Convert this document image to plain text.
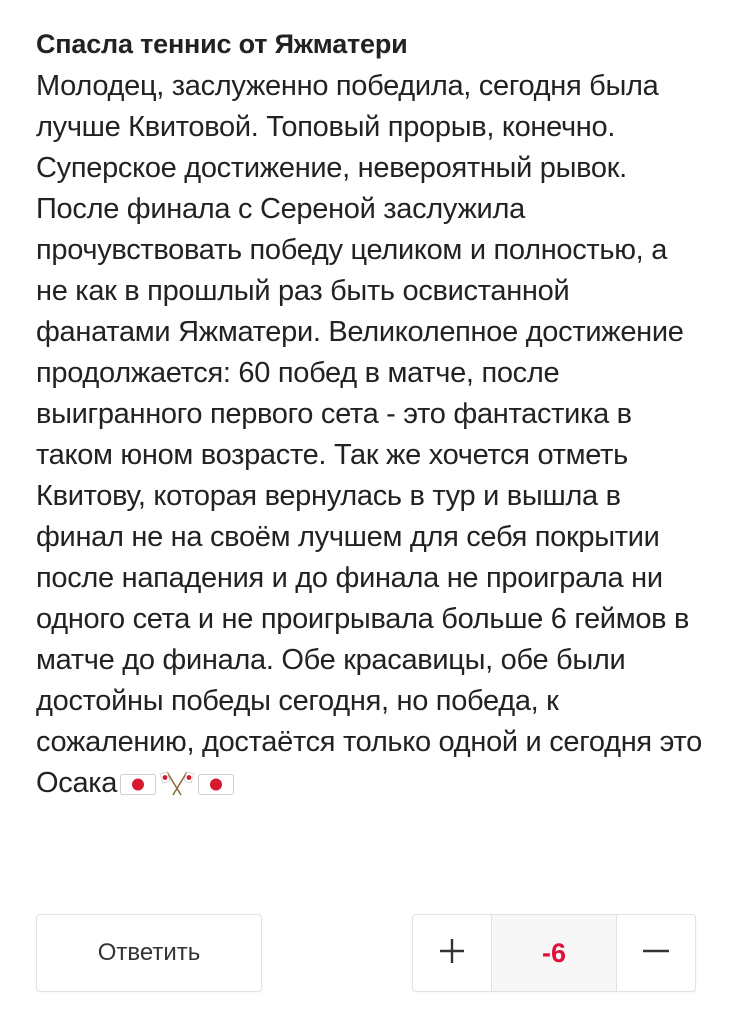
Спасла теннис от Яжматери
Молодец, заслуженно победила, сегодня была лучше Квитовой. Топовый прорыв, конечно. Суперское достижение, невероятный рывок. После финала с Сереной заслужила прочувствовать победу целиком и полностью, а не как в прошлый раз быть освистанной фанатами Яжматери. Великолепное достижение продолжается: 60 побед в матче, после выигранного первого сета - это фантастика в таком юном возрасте. Так же хочется отметь Квитову, которая вернулась в тур и вышла в финал не на своём лучшем для себя покрытии после нападения и до финала не проиграла ни одного сета и не проигрывала больше 6 геймов в матче до финала. Обе красавицы, обе были достойны победы сегодня, но победа, к сожалению, достаётся только одной и сегодня это Осака
Ответить	-6
